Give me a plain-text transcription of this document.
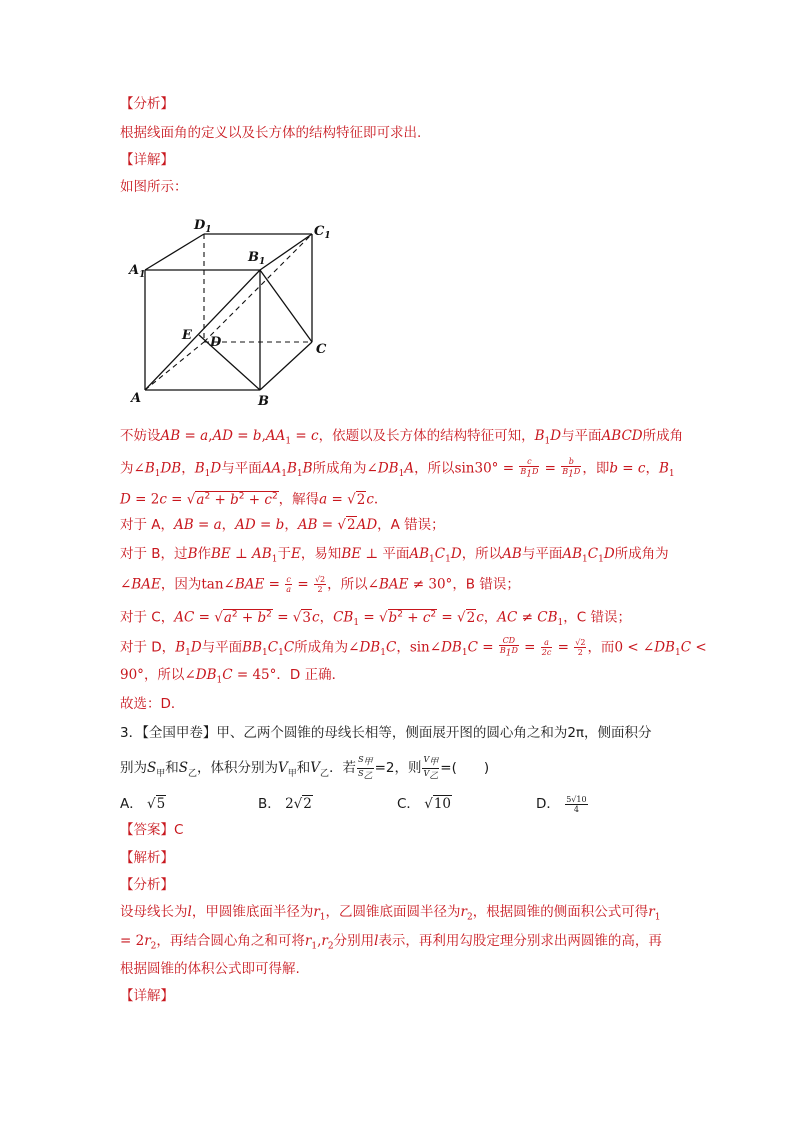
【分析】
根据线面角的定义以及长方体的结构特征即可求出.
【详解】
如图所示：
$D_1$	$C_1$
$A_1$
$B_1$
E D	C
A	B
不妨设AB = $a,AD = b,AA_1 = c$，依题以及长方体的结构特征可知，$B_1D$与平面ABCD所成角
为$\angle B_1DB$，$B_1D$与平面$AA_1B_1B$所成角为$\angle DB_1A$，所以$\sin 30^\circ = \frac{c}{B_1D} = \frac{b}{B_1D}$ ，即b = c，$B_1$
$D = 2c = √a^2 + b^2 + c^2$，解得a = √2c.
对于 A，AB = a，AD = b，AB = √2AD，A 错误；
对于 B，过B作BE ⊥ $AB_1$于E，易知BE ⊥ 平面$AB_1C_1D$，所以AB与平面$AB_1C_1D$所成角为
∠BAE，因为tan∠BAE = $\frac{c}{a} = \frac{√2}{2}$ ，所以∠BAE ≠ 30°，B 错误；
对于 C，AC = $√a^2 + b^2 = √3c$，$CB_1 = √b^2 + c^2 = √2c$，AC ≠ $CB_1$，C 错误；
对于 D，$B_1D$与平面$BB_1C_1C$所成角为$\angle DB_1C$，$\sin\angle DB_1C = \frac{CD}{B_1D} = \frac{a}{2c} = \frac{√2}{2}$ ，而$0 < \angle DB_1C$ <
90°，所以$\angle DB_1C = 45^\circ$．D 正确．
故选：D．
3．【全国甲卷】甲、乙两个圆锥的母线长相等，侧面展开图的圆心角之和为2π，侧面积分
别为$S_甲$和$S_乙$，体积分别为$V_甲$和$V_乙$．若 $\frac{S_甲}{S_乙} =2$，则 $\frac{V_甲}{V_乙}$ =(　　)
A． √5	B． 2√2	C． √10	D． $\frac{5√10}{4}$
【答案】C
【解析】
【分析】
设母线长为l，甲圆锥底面半径为$r_1$，乙圆锥底面圆半径为$r_2$，根据圆锥的侧面积公式可得$r_1$
= $2r_2$，再结合圆心角之和可将$r_1,r_2$分别用l表示，再利用勾股定理分别求出两圆锥的高，再
根据圆锥的体积公式即可得解.
【详解】
